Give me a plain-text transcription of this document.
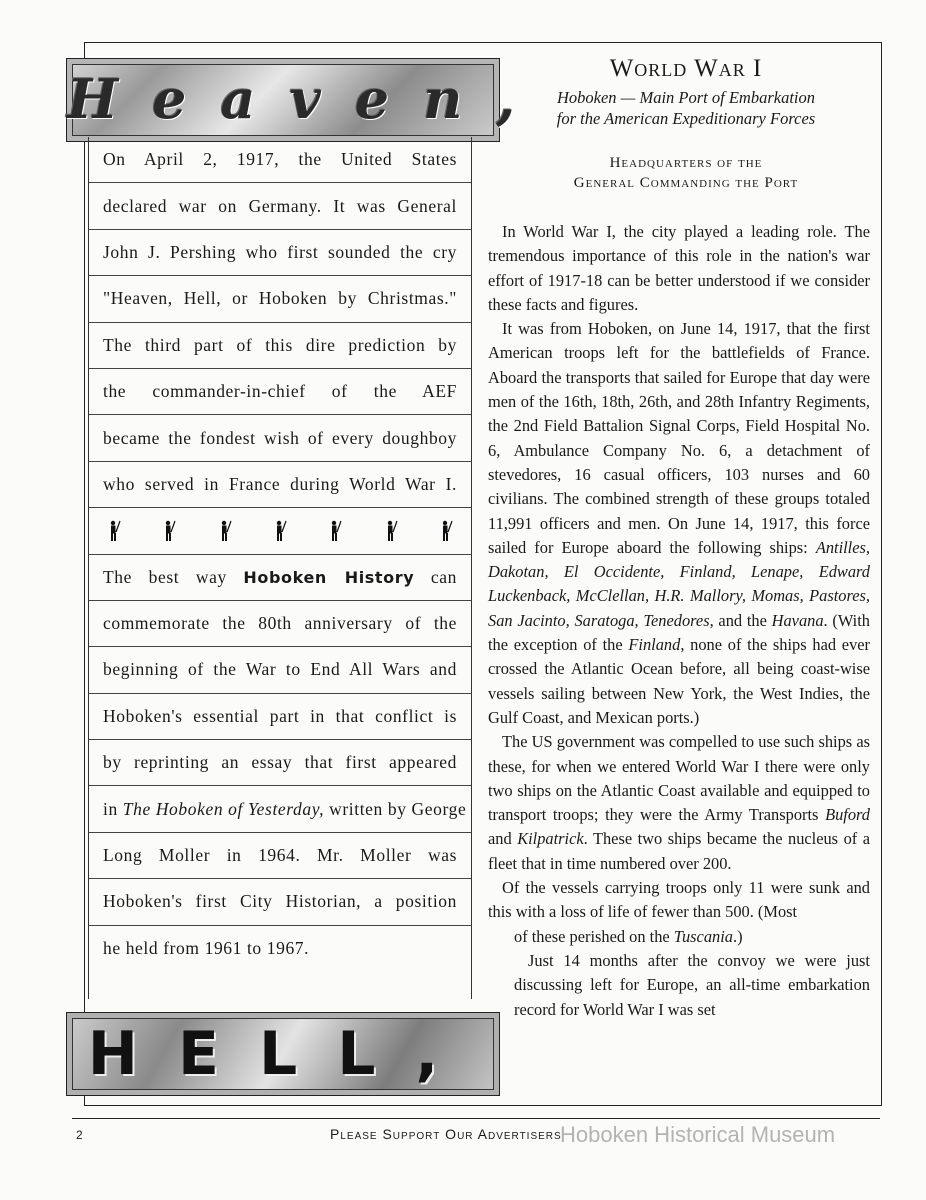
Heaven,
On April 2, 1917, the United States
declared war on Germany. It was General
John J. Pershing who first sounded the cry
"Heaven, Hell, or Hoboken by Christmas."
The third part of this dire prediction by
the commander-in-chief of the AEF
became the fondest wish of every doughboy
who served in France during World War I.
The best way Hoboken History can
commemorate the 80th anniversary of the
beginning of the War to End All Wars and
Hoboken's essential part in that conflict is
by reprinting an essay that first appeared
in The Hoboken of Yesterday, written by George
Long Moller in 1964. Mr. Moller was
Hoboken's first City Historian, a position
he held from 1961 to 1967.
HELL,
World War I
Hoboken — Main Port of Embarkation
for the American Expeditionary Forces
Headquarters of the
General Commanding the Port

In World War I, the city played a leading role. The tremendous importance of this role in the nation's war effort of 1917-18 can be better understood if we consider these facts and figures.

It was from Hoboken, on June 14, 1917, that the first American troops left for the battlefields of France. Aboard the transports that sailed for Europe that day were men of the 16th, 18th, 26th, and 28th Infantry Regiments, the 2nd Field Battalion Signal Corps, Field Hospital No. 6, Ambulance Company No. 6, a detachment of stevedores, 16 casual officers, 103 nurses and 60 civilians. The combined strength of these groups totaled 11,991 officers and men. On June 14, 1917, this force sailed for Europe aboard the following ships: Antilles, Dakotan, El Occidente, Finland, Lenape, Edward Luckenback, McClellan, H.R. Mallory, Momas, Pastores, San Jacinto, Saratoga, Tenedores, and the Havana. (With the exception of the Finland, none of the ships had ever crossed the Atlantic Ocean before, all being coast-wise vessels sailing between New York, the West Indies, the Gulf Coast, and Mexican ports.)

The US government was compelled to use such ships as these, for when we entered World War I there were only two ships on the Atlantic Coast available and equipped to transport troops; they were the Army Transports Buford and Kilpatrick. These two ships became the nucleus of a fleet that in time numbered over 200.

Of the vessels carrying troops only 11 were sunk and this with a loss of life of fewer than 500. (Most

of these perished on the Tuscania.)

Just 14 months after the convoy we were just discussing left for Europe, an all-time embarkation record for World War I was set

2	Please Support Our Advertisers
Hoboken Historical Museum
